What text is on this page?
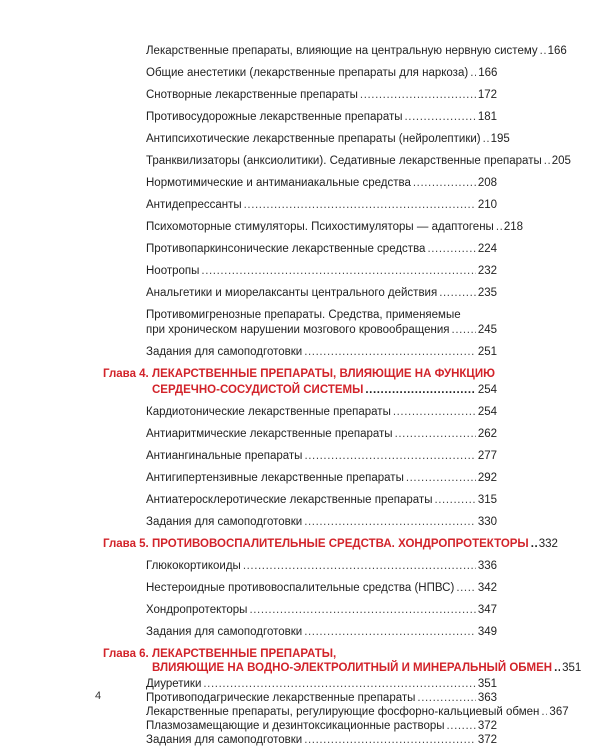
Лекарственные препараты, влияющие на центральную нервную систему ..... 166
Общие анестетики (лекарственные препараты для наркоза) ..... 166
Снотворные лекарственные препараты .....	172
Противосудорожные лекарственные препараты .....	181
Антипсихотические лекарственные препараты (нейролептики) ..... 195
Транквилизаторы (анксиолитики). Седативные лекарственные препараты ..... 205
Нормотимические и антиманиакальные средства .....	208
Антидепрессанты .....	210
Психомоторные стимуляторы. Психостимуляторы — адаптогены ..... 218
Противопаркинсонические лекарственные средства .....	224
Ноотропы .....	232
Анальгетики и миорелаксанты центрального действия .....	235
Противомигренозные препараты. Средства, применяемые
при хроническом нарушении мозгового кровообращения ..... 245
Задания для самоподготовки .....	251
Глава 4. ЛЕКАРСТВЕННЫЕ ПРЕПАРАТЫ, ВЛИЯЮЩИЕ НА ФУНКЦИЮ
СЕРДЕЧНО-СОСУДИСТОЙ СИСТЕМЫ .....	254
Кардиотонические лекарственные препараты .....	254
Антиаритмические лекарственные препараты .....	262
Антиангинальные препараты .....	277
Антигипертензивные лекарственные препараты .....	292
Антиатеросклеротические лекарственные препараты .....	315
Задания для самоподготовки .....	330
Глава 5. ПРОТИВОВОСПАЛИТЕЛЬНЫЕ СРЕДСТВА. ХОНДРОПРОТЕКТОРЫ ..... 332
Глюкокортикоиды .....	336
Нестероидные противовоспалительные средства (НПВС) ..... 342
Хондропротекторы .....	347
Задания для самоподготовки .....	349
Глава 6. ЛЕКАРСТВЕННЫЕ ПРЕПАРАТЫ,
ВЛИЯЮЩИЕ НА ВОДНО-ЭЛЕКТРОЛИТНЫЙ И МИНЕРАЛЬНЫЙ ОБМЕН ..... 351
Диуретики .....	351
Противоподагрические лекарственные препараты .....	363
Лекарственные препараты, регулирующие фосфорно-кальциевый обмен ..... 367
Плазмозамещающие и дезинтоксикационные растворы .....	372
Задания для самоподготовки .....	372
4
